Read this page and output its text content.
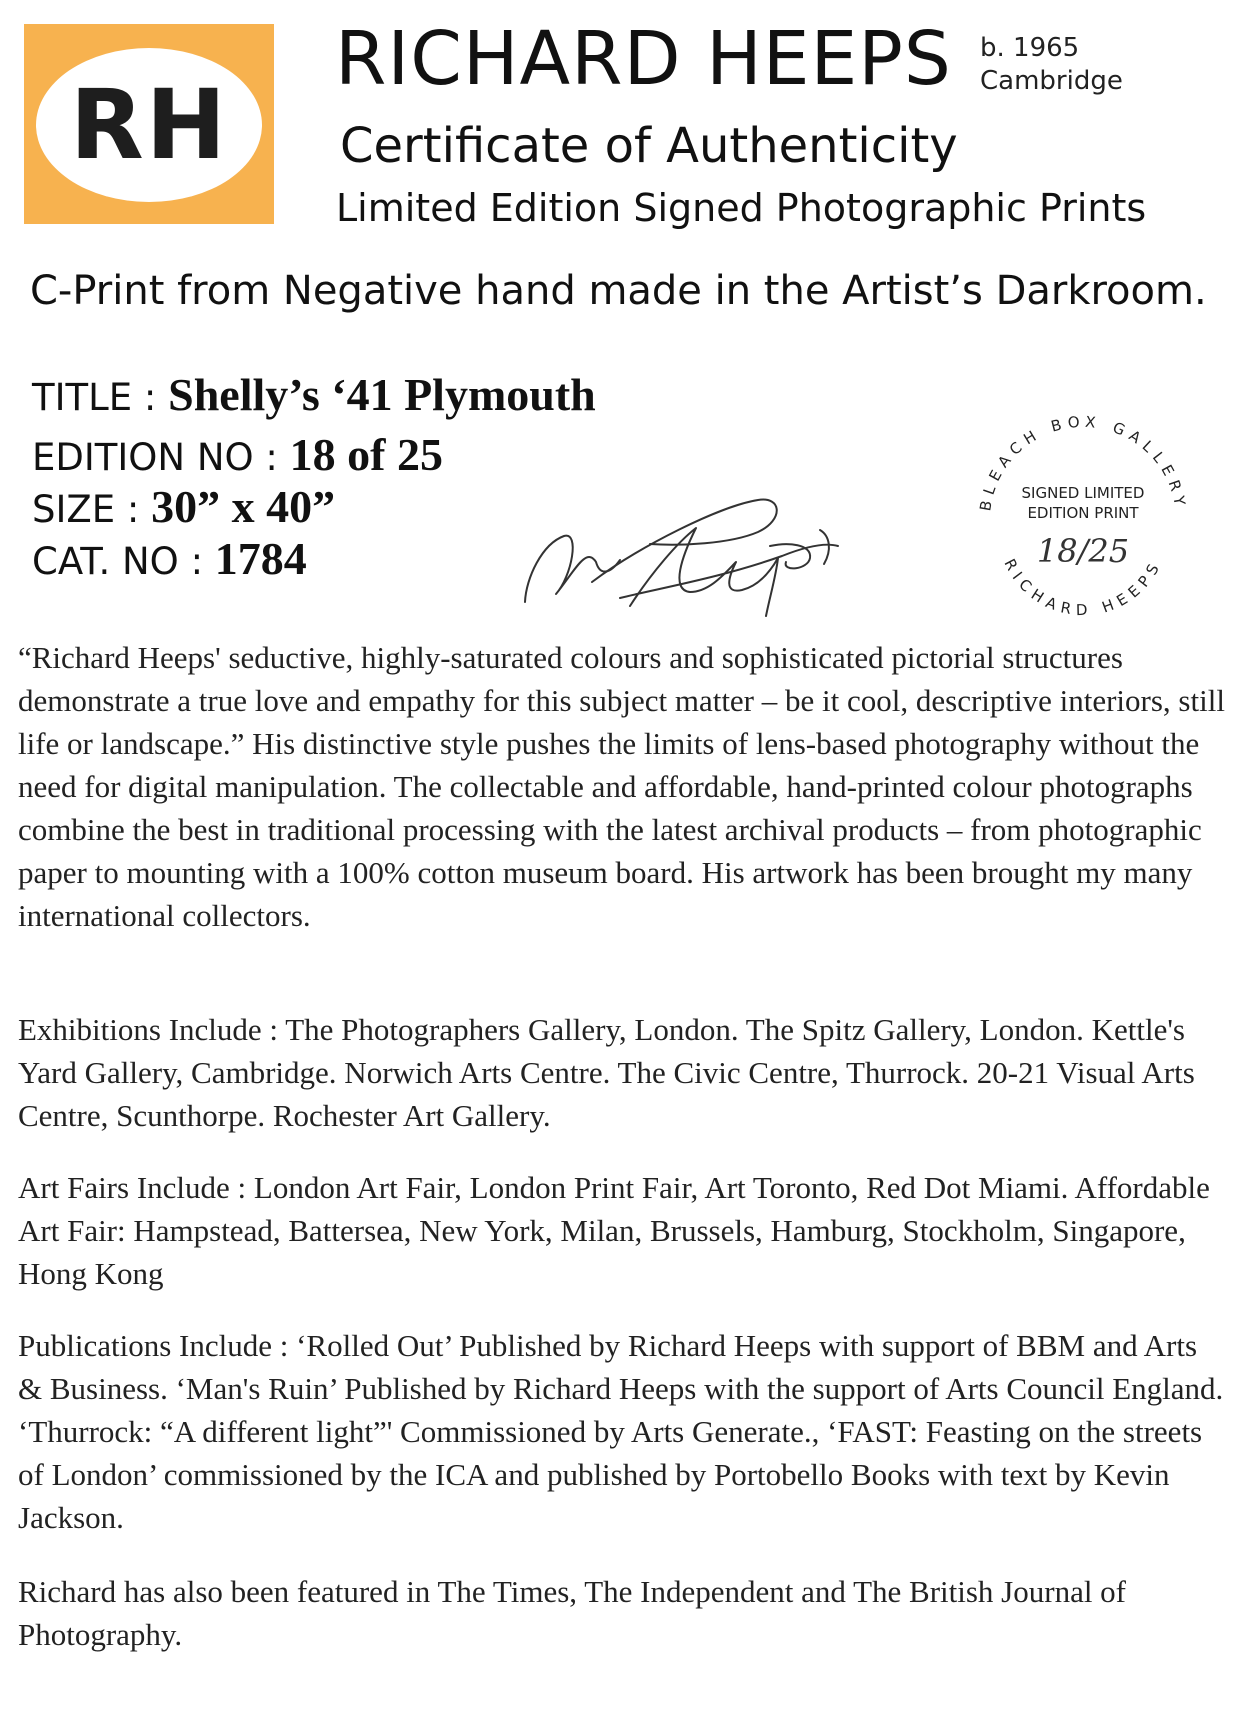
RH
RICHARD HEEPS b. 1965
Cambridge
Certificate of Authenticity
Limited Edition Signed Photographic Prints
C-Print from Negative hand made in the Artist’s Darkroom.
TITLE : Shelly’s ‘41 Plymouth
EDITION NO : 18 of 25
SIZE : 30” x 40”
CAT. NO : 1784
BLEACH BOX GALLERY
RICHARD HEEPS
SIGNED LIMITED
EDITION PRINT
18/25

“Richard Heeps' seductive, highly-saturated colours and sophisticated pictorial structures demonstrate a true love and empathy for this subject matter – be it cool, descriptive interiors, still life or landscape.” His distinctive style pushes the limits of lens-based photography without the need for digital manipulation. The collectable and affordable, hand-printed colour photographs combine the best in traditional processing with the latest archival products – from photographic paper to mounting with a 100% cotton museum board. His artwork has been brought my many international collectors.

Exhibitions Include : The Photographers Gallery, London. The Spitz Gallery, London. Kettle's Yard Gallery, Cambridge. Norwich Arts Centre. The Civic Centre, Thurrock. 20-21 Visual Arts Centre, Scunthorpe. Rochester Art Gallery.

Art Fairs Include : London Art Fair, London Print Fair, Art Toronto, Red Dot Miami. Affordable Art Fair: Hampstead, Battersea, New York, Milan, Brussels, Hamburg, Stockholm, Singapore, Hong Kong

Publications Include : ‘Rolled Out’ Published by Richard Heeps with support of BBM and Arts & Business. ‘Man's Ruin’ Published by Richard Heeps with the support of Arts Council England. ‘Thurrock: “A different light”' Commissioned by Arts Generate., ‘FAST: Feasting on the streets of London’ commissioned by the ICA and published by Portobello Books with text by Kevin Jackson.

Richard has also been featured in The Times, The Independent and The British Journal of Photography.
